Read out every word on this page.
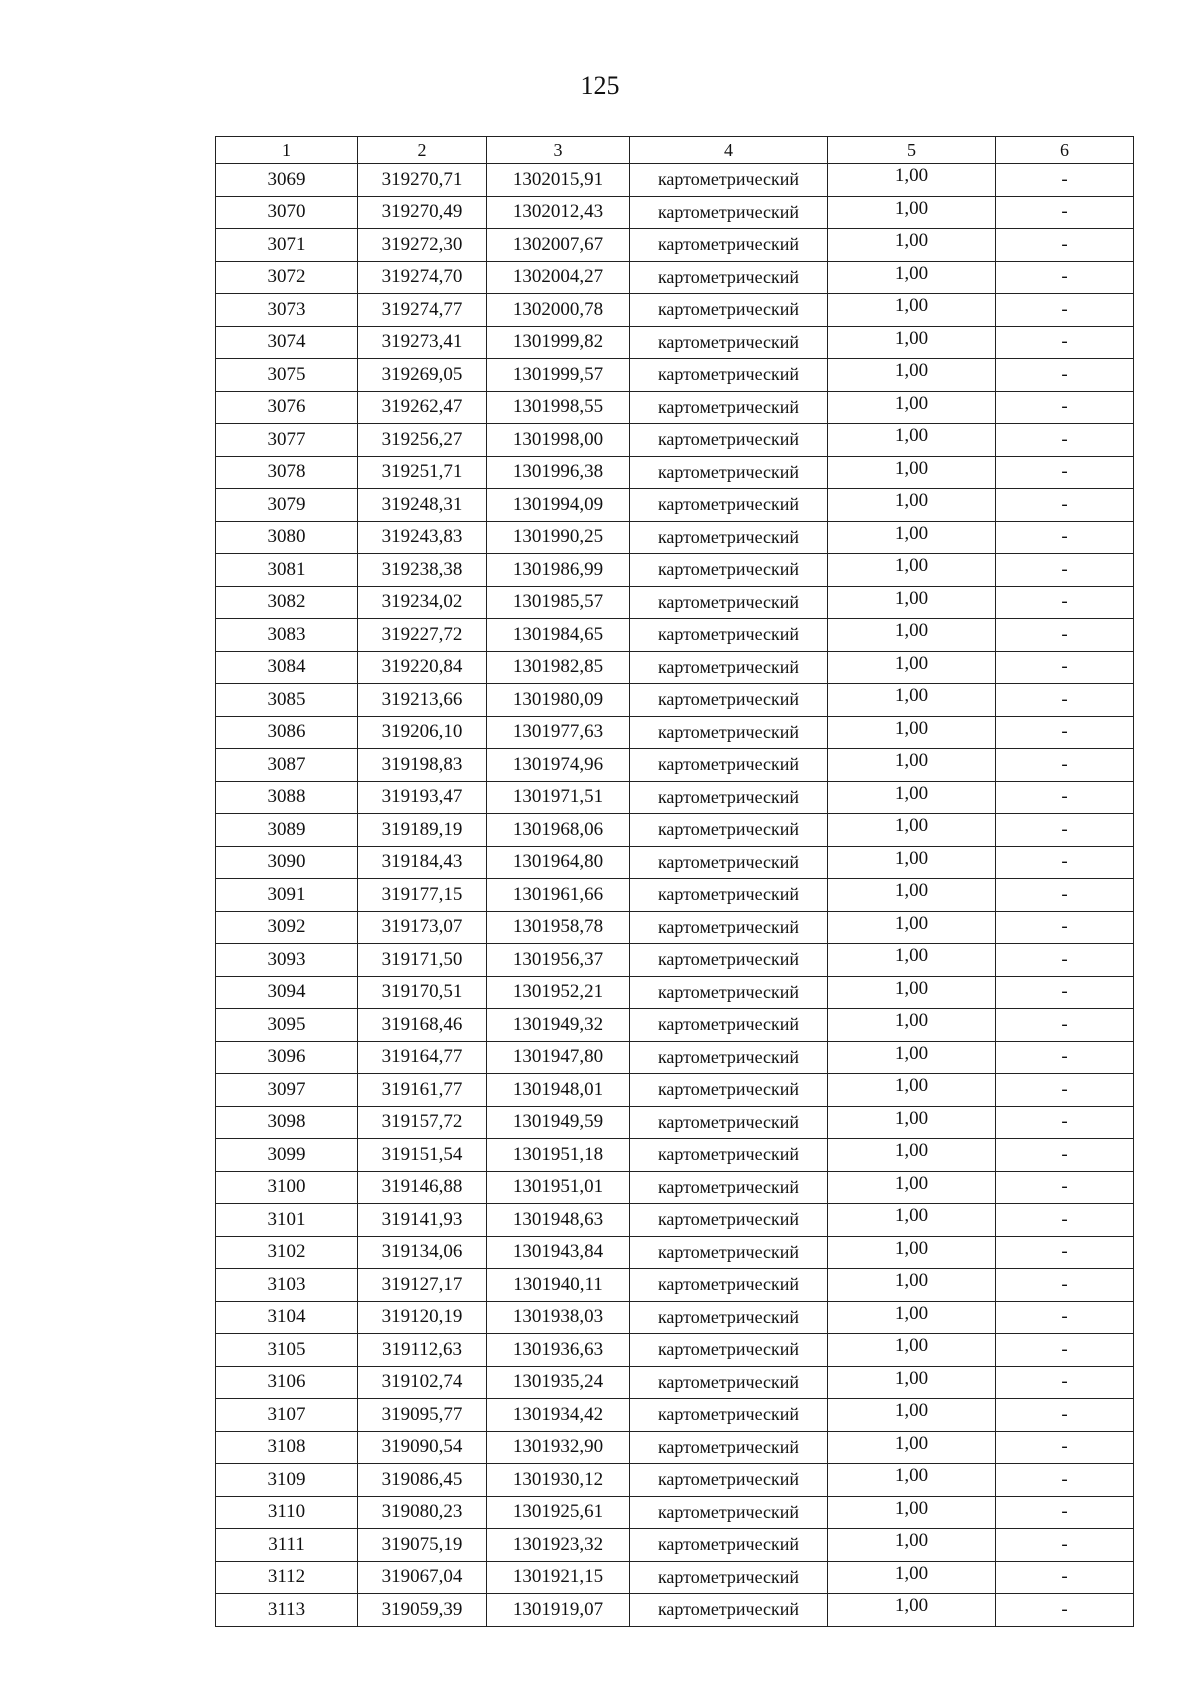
125
1	2	3	4	5	6
3069	319270,71	1302015,91	картометрический	1,00	-
3070	319270,49	1302012,43	картометрический	1,00	-
3071	319272,30	1302007,67	картометрический	1,00	-
3072	319274,70	1302004,27	картометрический	1,00	-
3073	319274,77	1302000,78	картометрический	1,00	-
3074	319273,41	1301999,82	картометрический	1,00	-
3075	319269,05	1301999,57	картометрический	1,00	-
3076	319262,47	1301998,55	картометрический	1,00	-
3077	319256,27	1301998,00	картометрический	1,00	-
3078	319251,71	1301996,38	картометрический	1,00	-
3079	319248,31	1301994,09	картометрический	1,00	-
3080	319243,83	1301990,25	картометрический	1,00	-
3081	319238,38	1301986,99	картометрический	1,00	-
3082	319234,02	1301985,57	картометрический	1,00	-
3083	319227,72	1301984,65	картометрический	1,00	-
3084	319220,84	1301982,85	картометрический	1,00	-
3085	319213,66	1301980,09	картометрический	1,00	-
3086	319206,10	1301977,63	картометрический	1,00	-
3087	319198,83	1301974,96	картометрический	1,00	-
3088	319193,47	1301971,51	картометрический	1,00	-
3089	319189,19	1301968,06	картометрический	1,00	-
3090	319184,43	1301964,80	картометрический	1,00	-
3091	319177,15	1301961,66	картометрический	1,00	-
3092	319173,07	1301958,78	картометрический	1,00	-
3093	319171,50	1301956,37	картометрический	1,00	-
3094	319170,51	1301952,21	картометрический	1,00	-
3095	319168,46	1301949,32	картометрический	1,00	-
3096	319164,77	1301947,80	картометрический	1,00	-
3097	319161,77	1301948,01	картометрический	1,00	-
3098	319157,72	1301949,59	картометрический	1,00	-
3099	319151,54	1301951,18	картометрический	1,00	-
3100	319146,88	1301951,01	картометрический	1,00	-
3101	319141,93	1301948,63	картометрический	1,00	-
3102	319134,06	1301943,84	картометрический	1,00	-
3103	319127,17	1301940,11	картометрический	1,00	-
3104	319120,19	1301938,03	картометрический	1,00	-
3105	319112,63	1301936,63	картометрический	1,00	-
3106	319102,74	1301935,24	картометрический	1,00	-
3107	319095,77	1301934,42	картометрический	1,00	-
3108	319090,54	1301932,90	картометрический	1,00	-
3109	319086,45	1301930,12	картометрический	1,00	-
3110	319080,23	1301925,61	картометрический	1,00	-
3111	319075,19	1301923,32	картометрический	1,00	-
3112	319067,04	1301921,15	картометрический	1,00	-
3113	319059,39	1301919,07	картометрический	1,00	-
